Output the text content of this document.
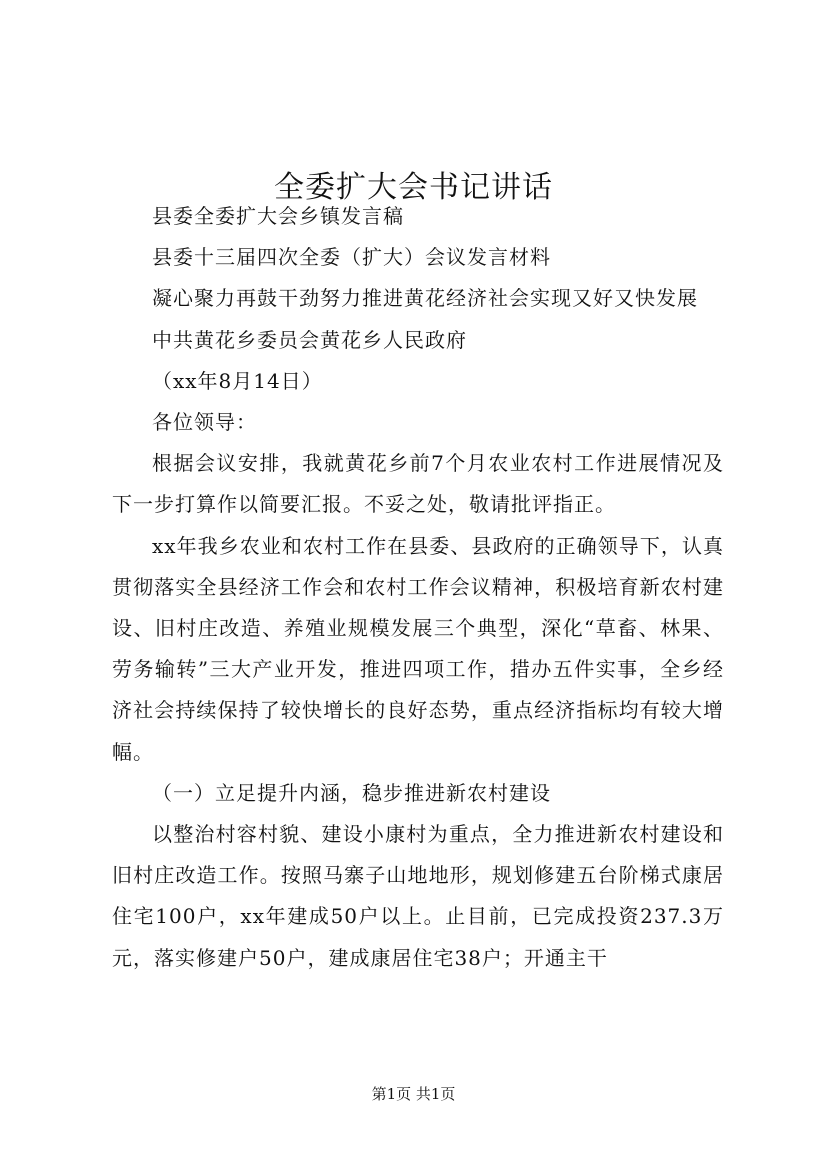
全委扩大会书记讲话

县委全委扩大会乡镇发言稿

县委十三届四次全委（扩大）会议发言材料

凝心聚力再鼓干劲努力推进黄花经济社会实现又好又快发展

中共黄花乡委员会黄花乡人民政府

（xx年8月14日）

各位领导：

根据会议安排，我就黄花乡前7个月农业农村工作进展情况及下一步打算作以简要汇报。不妥之处，敬请批评指正。

xx年我乡农业和农村工作在县委、县政府的正确领导下，认真贯彻落实全县经济工作会和农村工作会议精神，积极培育新农村建设、旧村庄改造、养殖业规模发展三个典型，深化“草畜、林果、劳务输转”三大产业开发，推进四项工作，措办五件实事，全乡经济社会持续保持了较快增长的良好态势，重点经济指标均有较大增幅。

（一）立足提升内涵，稳步推进新农村建设

以整治村容村貌、建设小康村为重点，全力推进新农村建设和旧村庄改造工作。按照马寨子山地地形，规划修建五台阶梯式康居住宅100户，xx年建成50户以上。止目前，已完成投资237.3万元，落实修建户50户，建成康居住宅38户；开通主干

第1页 共1页
